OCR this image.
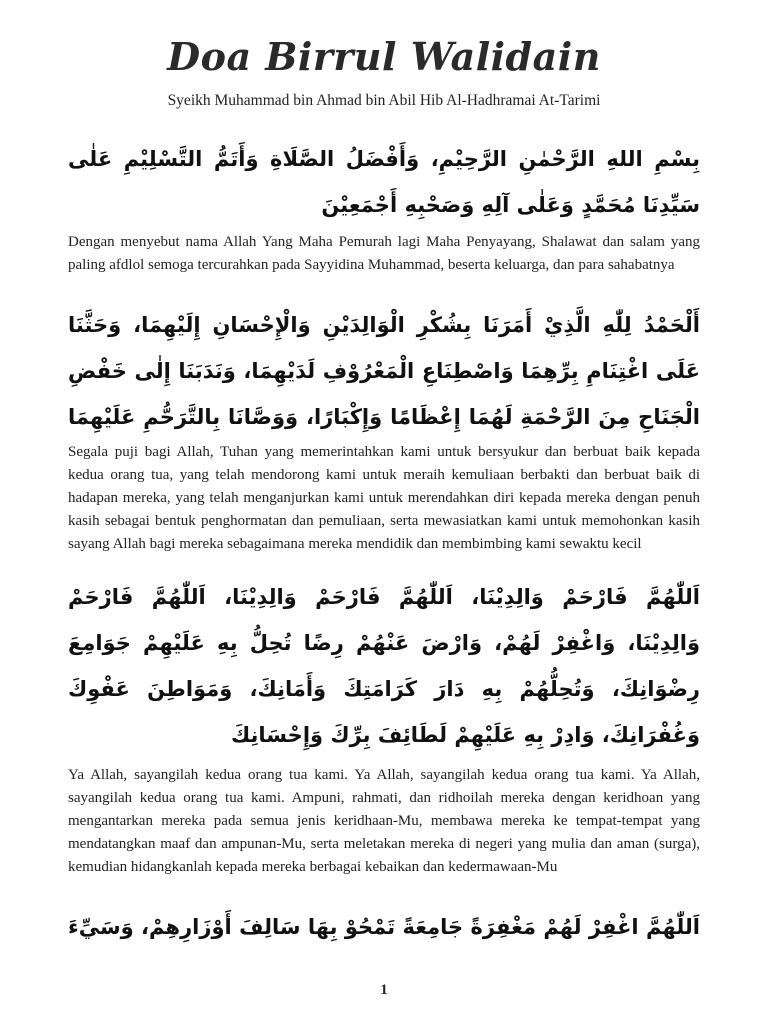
Doa Birrul Walidain
Syeikh Muhammad bin Ahmad bin Abil Hib Al-Hadhramai At-Tarimi
بِسْمِ اللهِ الرَّحْمٰنِ الرَّحِيْمِ، وَأَفْضَلُ الصَّلَاةِ وَأَتَمُّ التَّسْلِيْمِ عَلٰى سَيِّدِنَا مُحَمَّدٍ وَعَلٰى آلِهِ وَصَحْبِهِ أَجْمَعِيْنَ
Dengan menyebut nama Allah Yang Maha Pemurah lagi Maha Penyayang, Shalawat dan salam yang paling afdlol semoga tercurahkan pada Sayyidina Muhammad, beserta keluarga, dan para sahabatnya
أَلْحَمْدُ لِلّٰهِ الَّذِيْ أَمَرَنَا بِشُكْرِ الْوَالِدَيْنِ وَالْإِحْسَانِ إِلَيْهِمَا، وَحَثَّنَا عَلَى اغْتِنَامِ بِرِّهِمَا وَاصْطِنَاعِ الْمَعْرُوْفِ لَدَيْهِمَا، وَنَدَبَنَا إِلٰى خَفْضِ الْجَنَاحِ مِنَ الرَّحْمَةِ لَهُمَا إِعْظَامًا وَإِكْبَارًا، وَوَصَّانَا بِالتَّرَحُّمِ عَلَيْهِمَا
Segala puji bagi Allah, Tuhan yang memerintahkan kami untuk bersyukur dan berbuat baik kepada kedua orang tua, yang telah mendorong kami untuk meraih kemuliaan berbakti dan berbuat baik di hadapan mereka, yang telah menganjurkan kami untuk merendahkan diri kepada mereka dengan penuh kasih sebagai bentuk penghormatan dan pemuliaan, serta mewasiatkan kami untuk memohonkan kasih sayang Allah bagi mereka sebagaimana mereka mendidik dan membimbing kami sewaktu kecil
اَللّٰهُمَّ فَارْحَمْ وَالِدِيْنَا، اَللّٰهُمَّ فَارْحَمْ وَالِدِيْنَا، اَللّٰهُمَّ فَارْحَمْ وَالِدِيْنَا، وَاغْفِرْ لَهُمْ، وَارْضَ عَنْهُمْ رِضًا تُحِلُّ بِهِ عَلَيْهِمْ جَوَامِعَ رِضْوَانِكَ، وَتُحِلُّهُمْ بِهِ دَارَ كَرَامَتِكَ وَأَمَانِكَ، وَمَوَاطِنَ عَفْوِكَ وَغُفْرَانِكَ، وَادِرْ بِهِ عَلَيْهِمْ لَطَائِفَ بِرِّكَ وَإِحْسَانِكَ
Ya Allah, sayangilah kedua orang tua kami. Ya Allah, sayangilah kedua orang tua kami. Ya Allah, sayangilah kedua orang tua kami. Ampuni, rahmati, dan ridhoilah mereka dengan keridhoan yang mengantarkan mereka pada semua jenis keridhaan-Mu, membawa mereka ke tempat-tempat yang mendatangkan maaf dan ampunan-Mu, serta meletakan mereka di negeri yang mulia dan aman (surga), kemudian hidangkanlah kepada mereka berbagai kebaikan dan kedermawaan-Mu
اَللّٰهُمَّ اغْفِرْ لَهُمْ مَغْفِرَةً جَامِعَةً تَمْحُوْ بِهَا سَالِفَ أَوْزَارِهِمْ، وَسَيِّءَ
1
